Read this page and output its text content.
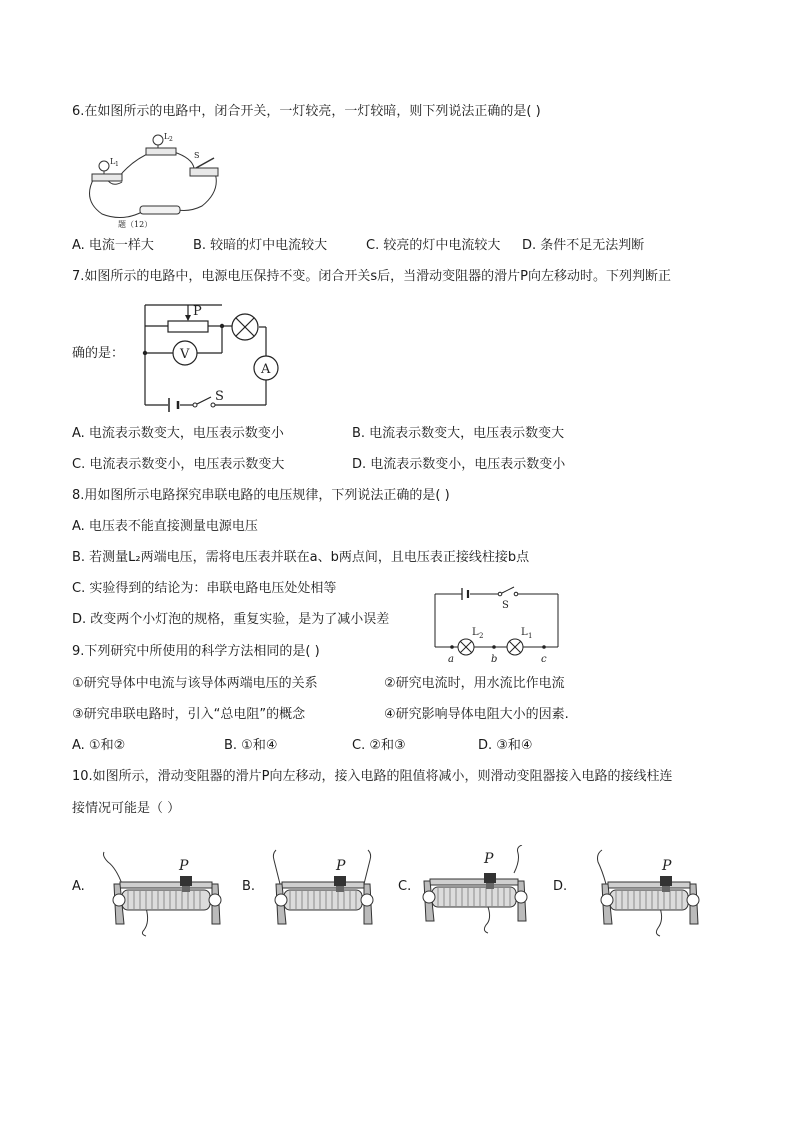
6.在如图所示的电路中，闭合开关，一灯较亮，一灯较暗，则下列说法正确的是( )
L 1
L 2
S
题（12）
A. 电流一样大	B. 较暗的灯中电流较大	C. 较亮的灯中电流较大 D. 条件不足无法判断
7.如图所示的电路中，电源电压保持不变。闭合开关s后，当滑动变阻器的滑片P向左移动时。下列判断正
P
V
A
S
确的是：
A. 电流表示数变大，电压表示数变小	B. 电流表示数变大，电压表示数变大
C. 电流表示数变小，电压表示数变大	D. 电流表示数变小，电压表示数变小
8.用如图所示电路探究串联电路的电压规律，下列说法正确的是( )
A. 电压表不能直接测量电源电压
B. 若测量L₂两端电压，需将电压表并联在a、b两点间，且电压表正接线柱接b点
C. 实验得到的结论为：串联电路电压处处相等
D. 改变两个小灯泡的规格，重复实验，是为了减小误差
S
L 2	L 1
a	b	c
9.下列研究中所使用的科学方法相同的是( )
①研究导体中电流与该导体两端电压的关系	②研究电流时，用水流比作电流
③研究串联电路时，引入“总电阻”的概念	④研究影响导体电阻大小的因素.
A. ①和②	B. ①和④	C. ②和③	D. ③和④
10.如图所示，滑动变阻器的滑片P向左移动，接入电路的阻值将减小，则滑动变阻器接入电路的接线柱连
接情况可能是（ ）
A.
P
B.
P
C.
P
D.
P
